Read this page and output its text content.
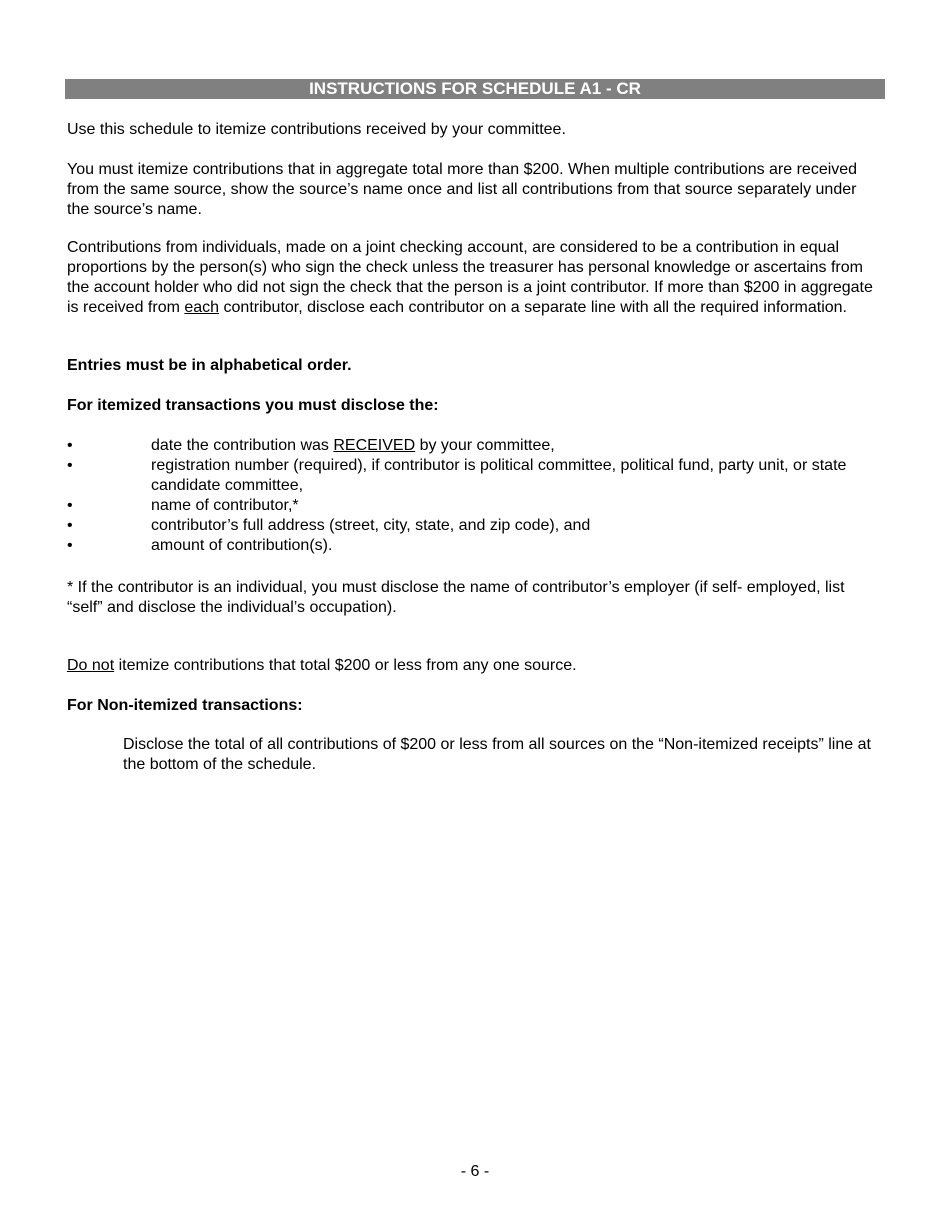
INSTRUCTIONS FOR SCHEDULE A1 - CR

Use this schedule to itemize contributions received by your committee.

You must itemize contributions that in aggregate total more than $200. When multiple contributions are received from the same source, show the source’s name once and list all contributions from that source separately under the source’s name.

Contributions from individuals, made on a joint checking account, are considered to be a contribution in equal proportions by the person(s) who sign the check unless the treasurer has personal knowledge or ascertains from the account holder who did not sign the check that the person is a joint contributor. If more than $200 in aggregate is received from each contributor, disclose each contributor on a separate line with all the required information.

Entries must be in alphabetical order.

For itemized transactions you must disclose the:

•	date the contribution was RECEIVED by your committee,
•	registration number (required), if contributor is political committee, political fund, party unit, or state candidate committee,
•	name of contributor,*
•	contributor’s full address (street, city, state, and zip code), and
•	amount of contribution(s).

* If the contributor is an individual, you must disclose the name of contributor’s employer (if self- employed, list “self” and disclose the individual’s occupation).

Do not itemize contributions that total $200 or less from any one source.

For Non-itemized transactions:

Disclose the total of all contributions of $200 or less from all sources on the “Non-itemized receipts” line at the bottom of the schedule.

- 6 -
